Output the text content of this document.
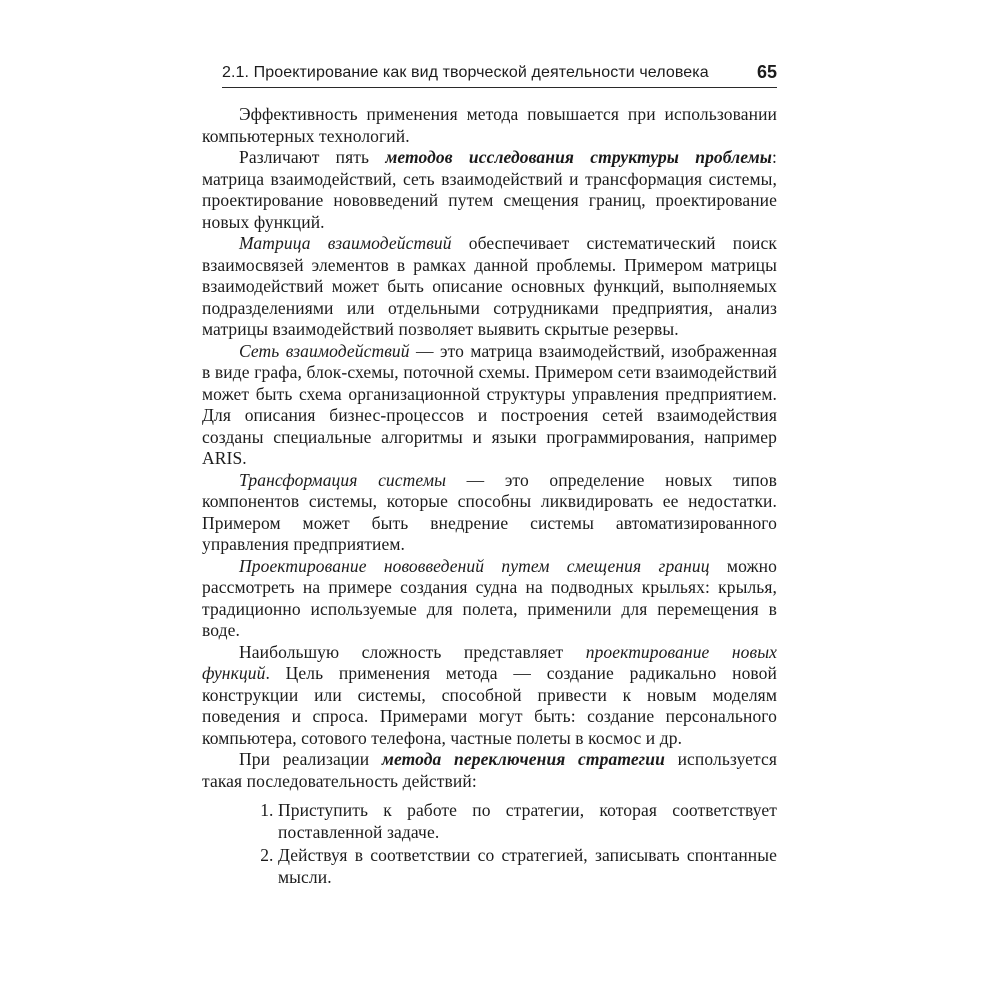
2.1. Проектирование как вид творческой деятельности человека	65

Эффективность применения метода повышается при использовании компьютерных технологий.

Различают пять методов исследования структуры проблемы: матрица взаимодействий, сеть взаимодействий и трансформация системы, проектирование нововведений путем смещения границ, проектирование новых функций.

Матрица взаимодействий обеспечивает систематический поиск взаимосвязей элементов в рамках данной проблемы. Примером матрицы взаимодействий может быть описание основных функций, выполняемых подразделениями или отдельными сотрудниками предприятия, анализ матрицы взаимодействий позволяет выявить скрытые резервы.

Сеть взаимодействий — это матрица взаимодействий, изображенная в виде графа, блок-схемы, поточной схемы. Примером сети взаимодействий может быть схема организационной структуры управления предприятием. Для описания бизнес-процессов и построения сетей взаимодействия созданы специальные алгоритмы и языки программирования, например ARIS.

Трансформация системы — это определение новых типов компонентов системы, которые способны ликвидировать ее недостатки. Примером может быть внедрение системы автоматизированного управления предприятием.

Проектирование нововведений путем смещения границ можно рассмотреть на примере создания судна на подводных крыльях: крылья, традиционно используемые для полета, применили для перемещения в воде.

Наибольшую сложность представляет проектирование новых функций. Цель применения метода — создание радикально новой конструкции или системы, способной привести к новым моделям поведения и спроса. Примерами могут быть: создание персонального компьютера, сотового телефона, частные полеты в космос и др.

При реализации метода переключения стратегии используется такая последовательность действий:

1. Приступить к работе по стратегии, которая соответствует поставленной задаче.
2. Действуя в соответствии со стратегией, записывать спонтанные мысли.
